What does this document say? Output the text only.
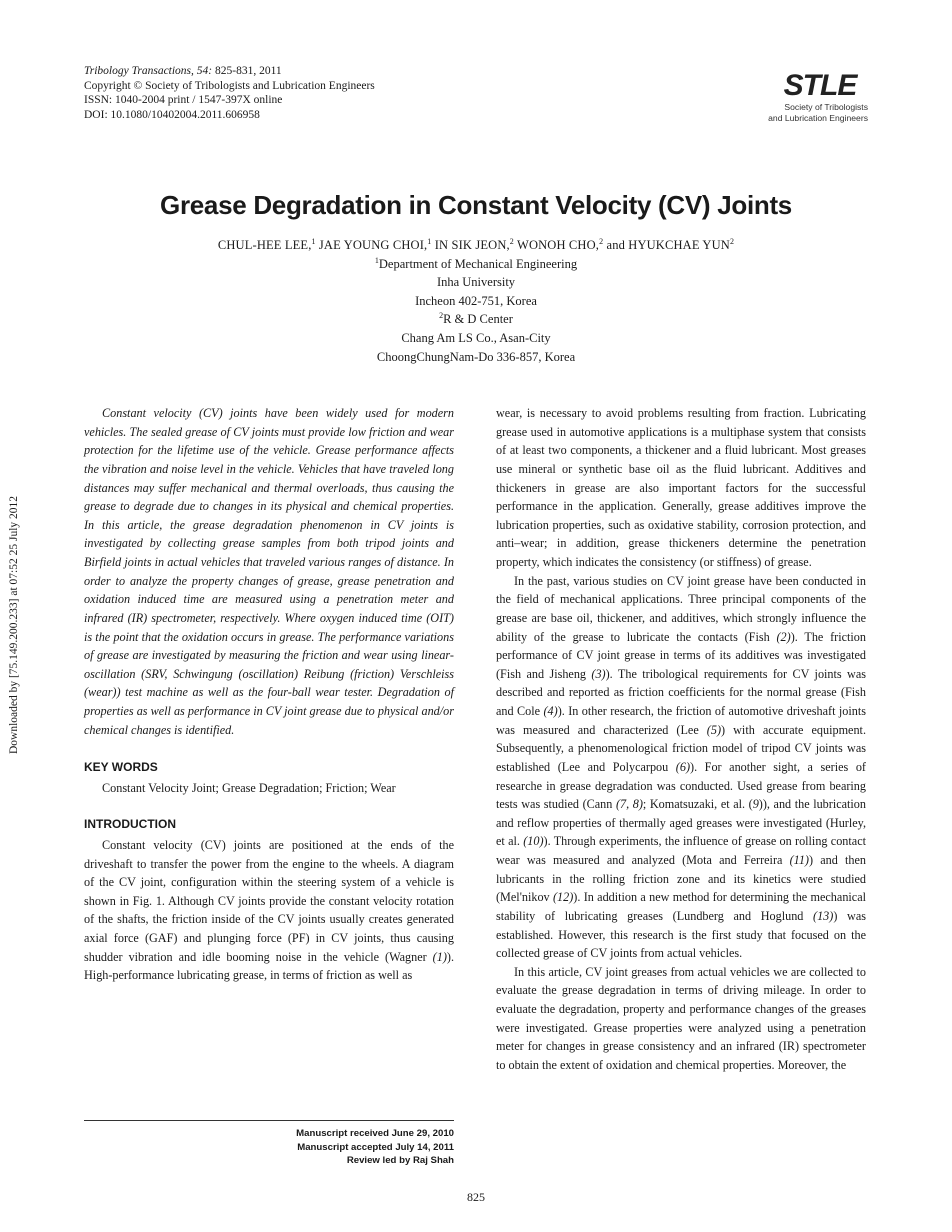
Tribology Transactions, 54: 825-831, 2011
Copyright © Society of Tribologists and Lubrication Engineers
ISSN: 1040-2004 print / 1547-397X online
DOI: 10.1080/10402004.2011.606958
STLE
Society of Tribologists
and Lubrication Engineers
Downloaded by [75.149.200.233] at 07:52 25 July 2012
Grease Degradation in Constant Velocity (CV) Joints
CHUL-HEE LEE,$^1$ JAE YOUNG CHOI,$^1$ IN SIK JEON,$^2$ WONOH CHO,$^2$ and HYUKCHAE YUN$^2$
$^1$Department of Mechanical Engineering
Inha University
Incheon 402-751, Korea
$^2$R & D Center
Chang Am LS Co., Asan-City
ChoongChungNam-Do 336-857, Korea

Constant velocity (CV) joints have been widely used for modern vehicles. The sealed grease of CV joints must provide low friction and wear protection for the lifetime use of the vehicle. Grease performance affects the vibration and noise level in the vehicle. Vehicles that have traveled long distances may suffer mechanical and thermal overloads, thus causing the grease to degrade due to changes in its physical and chemical properties. In this article, the grease degradation phenomenon in CV joints is investigated by collecting grease samples from both tripod joints and Birfield joints in actual vehicles that traveled various ranges of distance. In order to analyze the property changes of grease, grease penetration and oxidation induced time are measured using a penetration meter and infrared (IR) spectrometer, respectively. Where oxygen induced time (OIT) is the point that the oxidation occurs in grease. The performance variations of grease are investigated by measuring the friction and wear using linear-oscillation (SRV, Schwingung (oscillation) Reibung (friction) Verschleiss (wear)) test machine as well as the four-ball wear tester. Degradation of properties as well as performance in CV joint grease due to physical and/or chemical changes is identified.

KEY WORDS

Constant Velocity Joint; Grease Degradation; Friction; Wear

INTRODUCTION

Constant velocity (CV) joints are positioned at the ends of the driveshaft to transfer the power from the engine to the wheels. A diagram of the CV joint, configuration within the steering system of a vehicle is shown in Fig. 1. Although CV joints provide the constant velocity rotation of the shafts, the friction inside of the CV joints usually creates generated axial force (GAF) and plunging force (PF) in CV joints, thus causing shudder vibration and idle booming noise in the vehicle (Wagner (1)). High-performance lubricating grease, in terms of friction as well as

wear, is necessary to avoid problems resulting from fraction. Lubricating grease used in automotive applications is a multiphase system that consists of at least two components, a thickener and a fluid lubricant. Most greases use mineral or synthetic base oil as the fluid lubricant. Additives and thickeners in grease are also important factors for the successful performance in the application. Generally, grease additives improve the lubrication properties, such as oxidative stability, corrosion protection, and anti–wear; in addition, grease thickeners determine the penetration property, which indicates the consistency (or stiffness) of grease.

In the past, various studies on CV joint grease have been conducted in the field of mechanical applications. Three principal components of the grease are base oil, thickener, and additives, which strongly influence the ability of the grease to lubricate the contacts (Fish (2)). The friction performance of CV joint grease in terms of its additives was investigated (Fish and Jisheng (3)). The tribological requirements for CV joints was described and reported as friction coefficients for the normal grease (Fish and Cole (4)). In other research, the friction of automotive driveshaft joints was measured and characterized (Lee (5)) with accurate equipment. Subsequently, a phenomenological friction model of tripod CV joints was established (Lee and Polycarpou (6)). For another sight, a series of researche in grease degradation was conducted. Used grease from bearing tests was studied (Cann (7, 8); Komatsuzaki, et al. (9)), and the lubrication and reflow properties of thermally aged greases were investigated (Hurley, et al. (10)). Through experiments, the influence of grease on rolling contact wear was measured and analyzed (Mota and Ferreira (11)) and then lubricants in the rolling friction zone and its kinetics were studied (Mel'nikov (12)). In addition a new method for determining the mechanical stability of lubricating greases (Lundberg and Hoglund (13)) was established. However, this research is the first study that focused on the collected grease of CV joints from actual vehicles.

In this article, CV joint greases from actual vehicles we are collected to evaluate the grease degradation in terms of driving mileage. In order to evaluate the degradation, property and performance changes of the greases were investigated. Grease properties were analyzed using a penetration meter for changes in grease consistency and an infrared (IR) spectrometer to obtain the extent of oxidation and chemical properties. Moreover, the

Manuscript received June 29, 2010
Manuscript accepted July 14, 2011
Review led by Raj Shah
825
